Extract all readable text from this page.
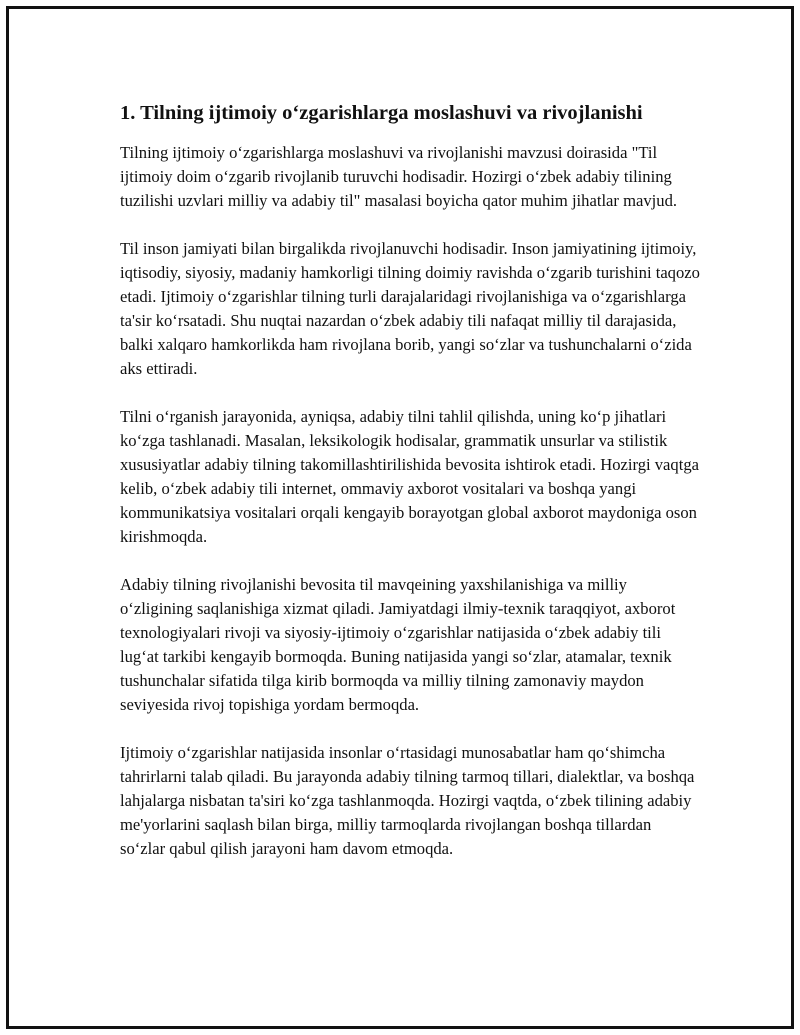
1. Tilning ijtimoiy o‘zgarishlarga moslashuvi va rivojlanishi

Tilning ijtimoiy o‘zgarishlarga moslashuvi va rivojlanishi mavzusi doirasida "Til ijtimoiy doim o‘zgarib rivojlanib turuvchi hodisadir. Hozirgi o‘zbek adabiy tilining tuzilishi uzvlari milliy va adabiy til" masalasi boyicha qator muhim jihatlar mavjud.

Til inson jamiyati bilan birgalikda rivojlanuvchi hodisadir. Inson jamiyatining ijtimoiy, iqtisodiy, siyosiy, madaniy hamkorligi tilning doimiy ravishda o‘zgarib turishini taqozo etadi. Ijtimoiy o‘zgarishlar tilning turli darajalaridagi rivojlanishiga va o‘zgarishlarga ta'sir ko‘rsatadi. Shu nuqtai nazardan o‘zbek adabiy tili nafaqat milliy til darajasida, balki xalqaro hamkorlikda ham rivojlana borib, yangi so‘zlar va tushunchalarni o‘zida aks ettiradi.

Tilni o‘rganish jarayonida, ayniqsa, adabiy tilni tahlil qilishda, uning ko‘p jihatlari ko‘zga tashlanadi. Masalan, leksikologik hodisalar, grammatik unsurlar va stilistik xususiyatlar adabiy tilning takomillashtirilishida bevosita ishtirok etadi. Hozirgi vaqtga kelib, o‘zbek adabiy tili internet, ommaviy axborot vositalari va boshqa yangi kommunikatsiya vositalari orqali kengayib borayotgan global axborot maydoniga oson kirishmoqda.

Adabiy tilning rivojlanishi bevosita til mavqeining yaxshilanishiga va milliy o‘zligining saqlanishiga xizmat qiladi. Jamiyatdagi ilmiy-texnik taraqqiyot, axborot texnologiyalari rivoji va siyosiy-ijtimoiy o‘zgarishlar natijasida o‘zbek adabiy tili lug‘at tarkibi kengayib bormoqda. Buning natijasida yangi so‘zlar, atamalar, texnik tushunchalar sifatida tilga kirib bormoqda va milliy tilning zamonaviy maydon seviyesida rivoj topishiga yordam bermoqda.

Ijtimoiy o‘zgarishlar natijasida insonlar o‘rtasidagi munosabatlar ham qo‘shimcha tahrirlarni talab qiladi. Bu jarayonda adabiy tilning tarmoq tillari, dialektlar, va boshqa lahjalarga nisbatan ta'siri ko‘zga tashlanmoqda. Hozirgi vaqtda, o‘zbek tilining adabiy me'yorlarini saqlash bilan birga, milliy tarmoqlarda rivojlangan boshqa tillardan so‘zlar qabul qilish jarayoni ham davom etmoqda.
